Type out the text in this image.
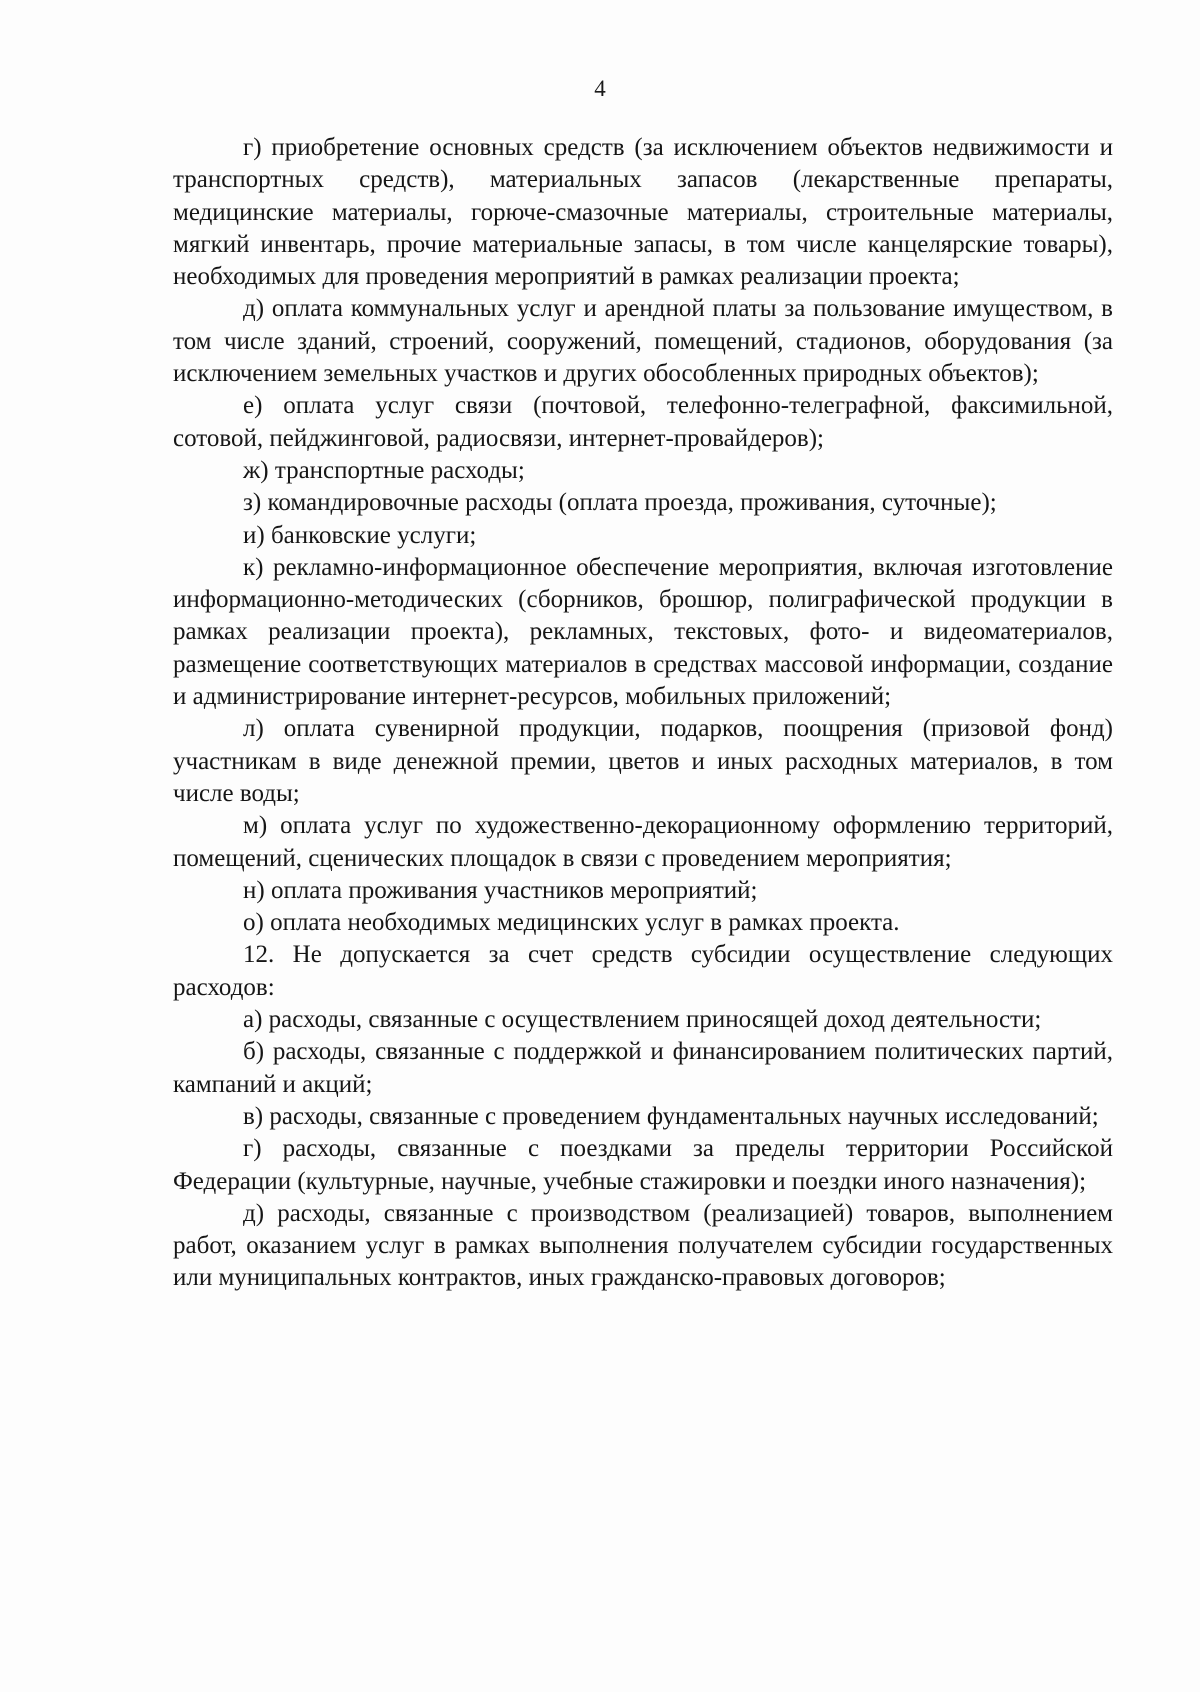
4

г) приобретение основных средств (за исключением объектов недвижимости и транспортных средств), материальных запасов (лекарственные препараты, медицинские материалы, горюче-смазочные материалы, строительные материалы, мягкий инвентарь, прочие материальные запасы, в том числе канцелярские товары), необходимых для проведения мероприятий в рамках реализации проекта;

д) оплата коммунальных услуг и арендной платы за пользование имуществом, в том числе зданий, строений, сооружений, помещений, стадионов, оборудования (за исключением земельных участков и других обособленных природных объектов);

е) оплата услуг связи (почтовой, телефонно-телеграфной, факсимильной, сотовой, пейджинговой, радиосвязи, интернет-провайдеров);

ж) транспортные расходы;

з) командировочные расходы (оплата проезда, проживания, суточные);

и) банковские услуги;

к) рекламно-информационное обеспечение мероприятия, включая изготовление информационно-методических (сборников, брошюр, полиграфической продукции в рамках реализации проекта), рекламных, текстовых, фото- и видеоматериалов, размещение соответствующих материалов в средствах массовой информации, создание и администрирование интернет-ресурсов, мобильных приложений;

л) оплата сувенирной продукции, подарков, поощрения (призовой фонд) участникам в виде денежной премии, цветов и иных расходных материалов, в том числе воды;

м) оплата услуг по художественно-декорационному оформлению территорий, помещений, сценических площадок в связи с проведением мероприятия;

н) оплата проживания участников мероприятий;

о) оплата необходимых медицинских услуг в рамках проекта.

12. Не допускается за счет средств субсидии осуществление следующих расходов:

а) расходы, связанные с осуществлением приносящей доход деятельности;

б) расходы, связанные с поддержкой и финансированием политических партий, кампаний и акций;

в) расходы, связанные с проведением фундаментальных научных исследований;

г) расходы, связанные с поездками за пределы территории Российской Федерации (культурные, научные, учебные стажировки и поездки иного назначения);

д) расходы, связанные с производством (реализацией) товаров, выполнением работ, оказанием услуг в рамках выполнения получателем субсидии государственных или муниципальных контрактов, иных гражданско-правовых договоров;
